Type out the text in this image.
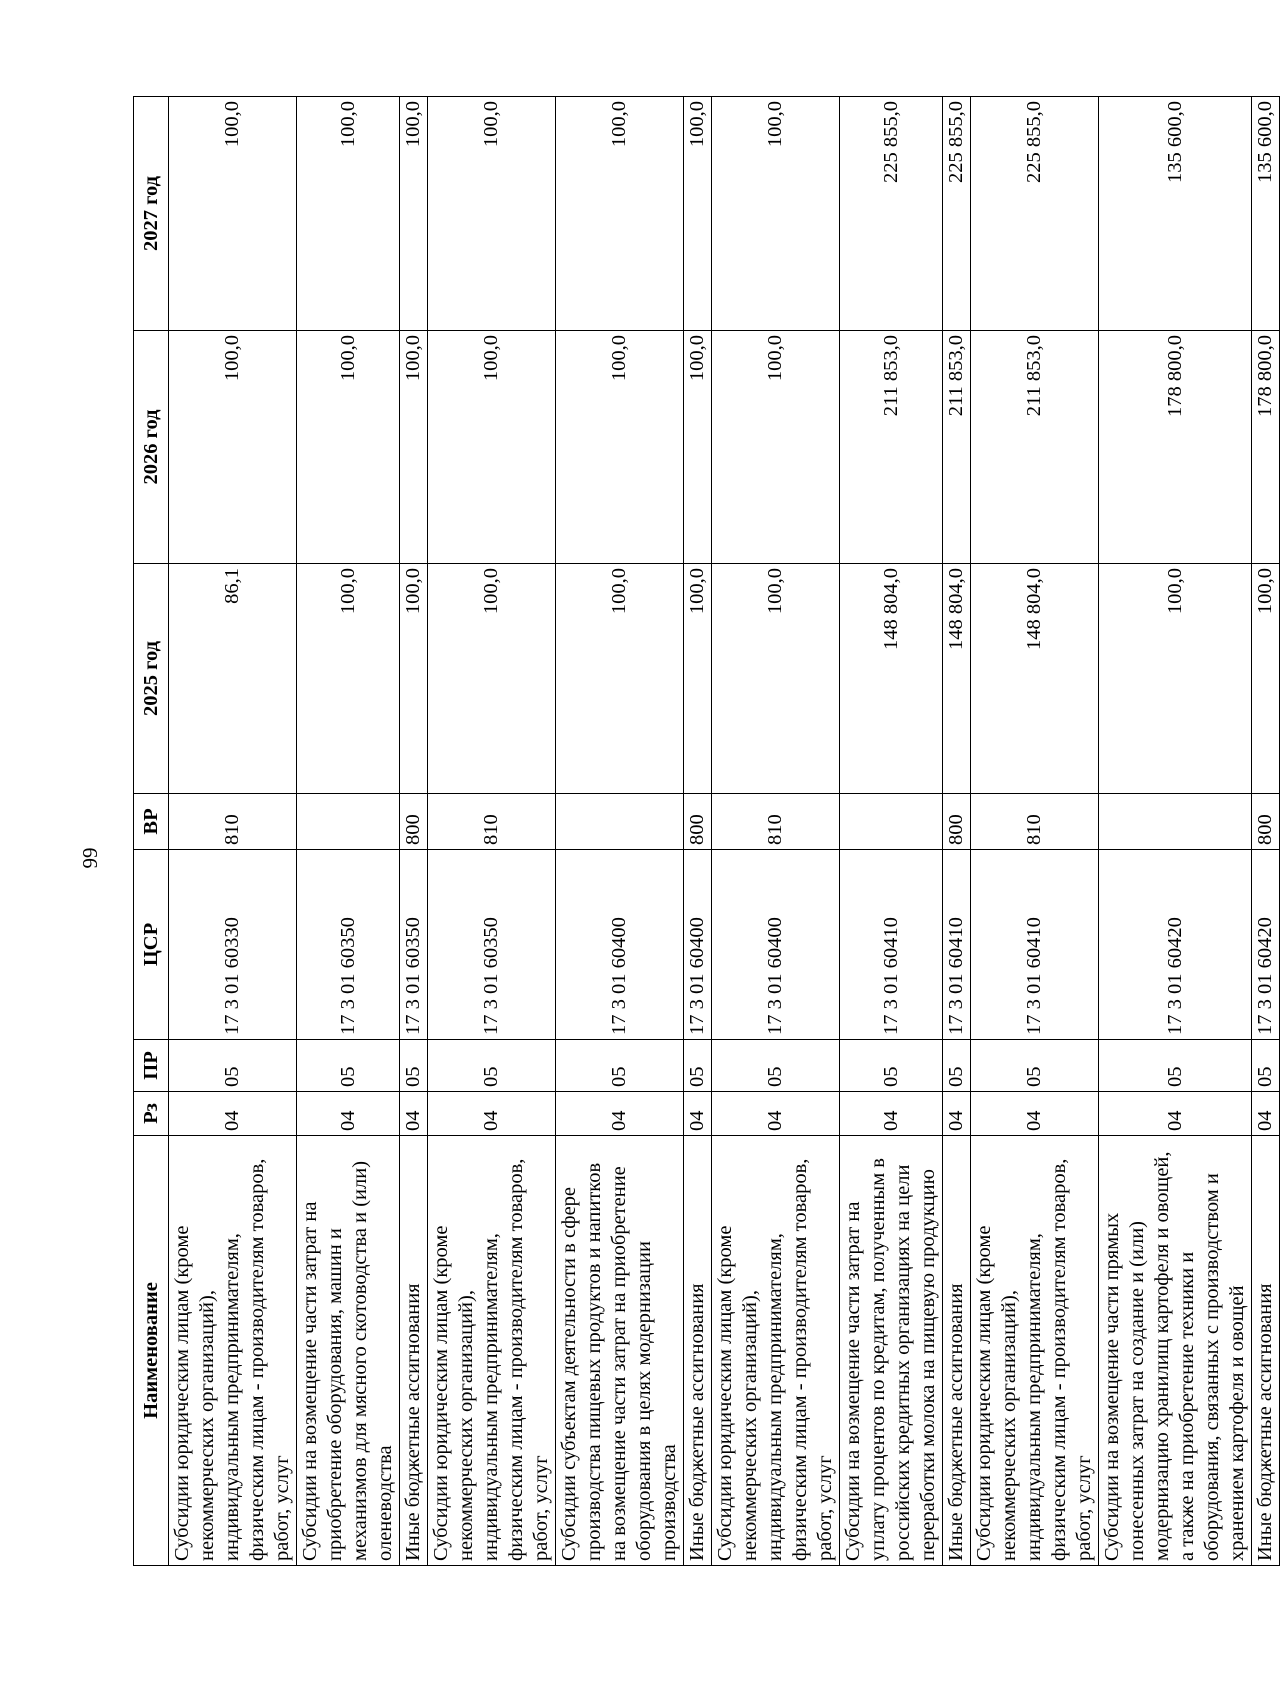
99
Наименование	Рз	ПР	ЦСР	ВР	2025 год	2026 год	2027 год
Субсидии юридическим лицам (кроме некоммерческих организаций), индивидуальным предпринимателям, физическим лицам - производителям товаров, работ, услуг	04	05	17 3 01 60330	810	86,1	100,0	100,0
Субсидии на возмещение части затрат на приобретение оборудования, машин и механизмов для мясного скотоводства и (или) оленеводства	04	05	17 3 01 60350		100,0	100,0	100,0
Иные бюджетные ассигнования	04	05	17 3 01 60350	800	100,0	100,0	100,0
Субсидии юридическим лицам (кроме некоммерческих организаций), индивидуальным предпринимателям, физическим лицам - производителям товаров, работ, услуг	04	05	17 3 01 60350	810	100,0	100,0	100,0
Субсидии субъектам деятельности в сфере производства пищевых продуктов и напитков на возмещение части затрат на приобретение оборудования в целях модернизации производства	04	05	17 3 01 60400		100,0	100,0	100,0
Иные бюджетные ассигнования	04	05	17 3 01 60400	800	100,0	100,0	100,0
Субсидии юридическим лицам (кроме некоммерческих организаций), индивидуальным предпринимателям, физическим лицам - производителям товаров, работ, услуг	04	05	17 3 01 60400	810	100,0	100,0	100,0
Субсидии на возмещение части затрат на уплату процентов по кредитам, полученным в российских кредитных организациях на цели переработки молока на пищевую продукцию	04	05	17 3 01 60410		148 804,0	211 853,0	225 855,0
Иные бюджетные ассигнования	04	05	17 3 01 60410	800	148 804,0	211 853,0	225 855,0
Субсидии юридическим лицам (кроме некоммерческих организаций), индивидуальным предпринимателям, физическим лицам - производителям товаров, работ, услуг	04	05	17 3 01 60410	810	148 804,0	211 853,0	225 855,0
Субсидии на возмещение части прямых понесенных затрат на создание и (или) модернизацию хранилищ картофеля и овощей, а также на приобретение техники и оборудования, связанных с производством и хранением картофеля и овощей	04	05	17 3 01 60420		100,0	178 800,0	135 600,0
Иные бюджетные ассигнования	04	05	17 3 01 60420	800	100,0	178 800,0	135 600,0
